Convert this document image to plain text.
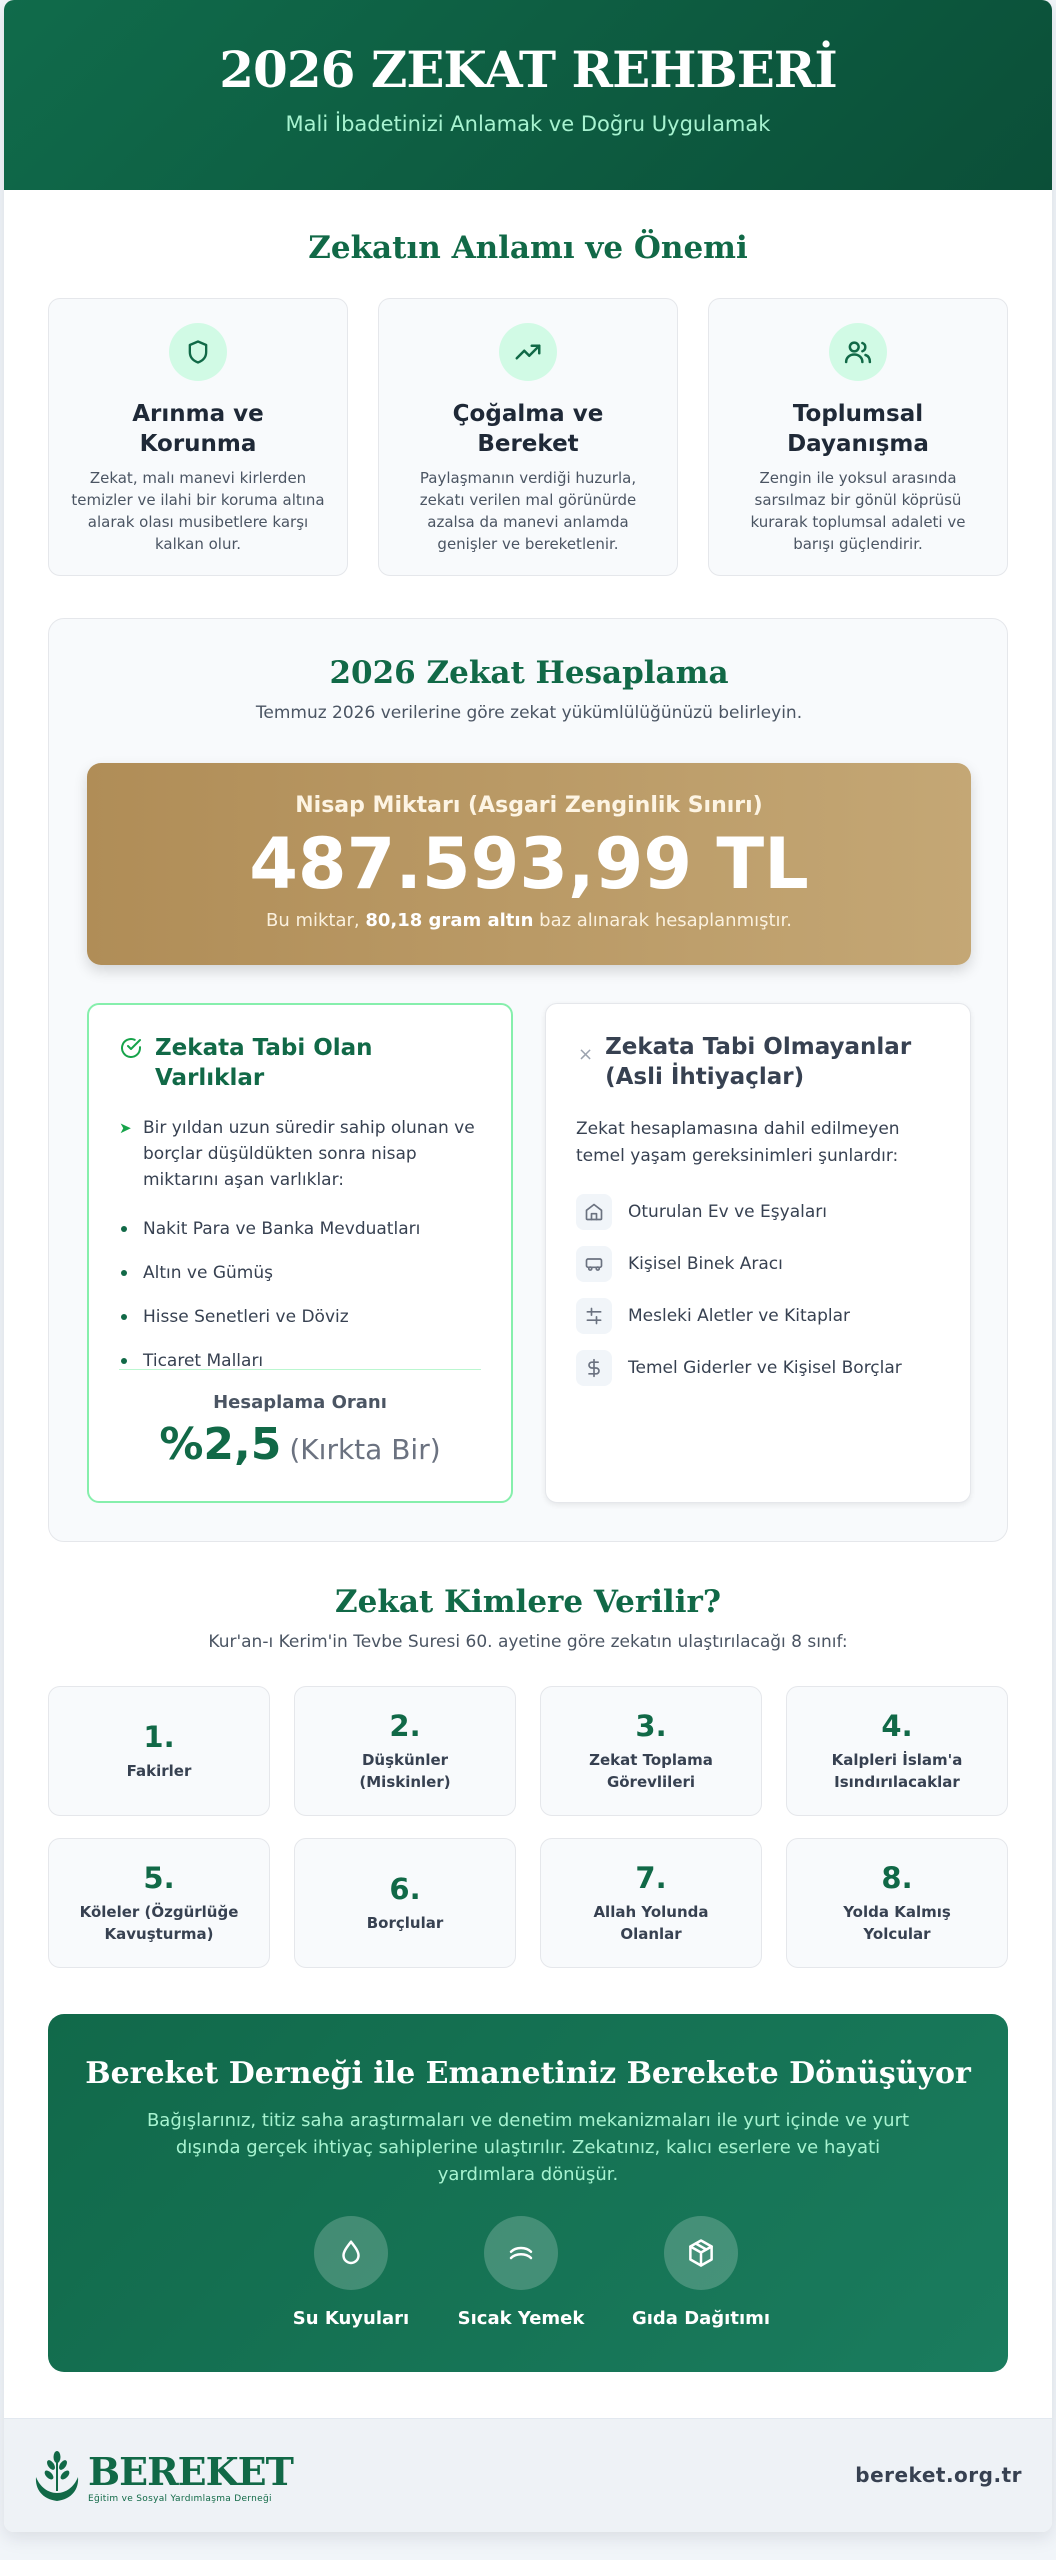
2026 ZEKAT REHBERİ
Mali İbadetinizi Anlamak ve Doğru Uygulamak
Zekatın Anlamı ve Önemi
Arınma ve Korunma
Zekat, malı manevi kirlerden temizler ve ilahi bir koruma altına alarak olası musibetlere karşı kalkan olur.
Çoğalma ve Bereket
Paylaşmanın verdiği huzurla, zekatı verilen mal görünürde azalsa da manevi anlamda genişler ve bereketlenir.
Toplumsal Dayanışma
Zengin ile yoksul arasında sarsılmaz bir gönül köprüsü kurarak toplumsal adaleti ve barışı güçlendirir.
2026 Zekat Hesaplama
Temmuz 2026 verilerine göre zekat yükümlülüğünüzü belirleyin.
Nisap Miktarı (Asgari Zenginlik Sınırı)
487.593,99 TL
Bu miktar, 80,18 gram altın baz alınarak hesaplanmıştır.
Zekata Tabi Olan Varlıklar
➤ Bir yıldan uzun süredir sahip olunan ve borçlar düşüldükten sonra nisap miktarını aşan varlıklar:
Nakit Para ve Banka Mevduatları
Altın ve Gümüş
Hisse Senetleri ve Döviz
Ticaret Malları
Hesaplama Oranı
%2,5 (Kırkta Bir)
× Zekata Tabi Olmayanlar (Asli İhtiyaçlar)
Zekat hesaplamasına dahil edilmeyen temel yaşam gereksinimleri şunlardır:
Oturulan Ev ve Eşyaları
Kişisel Binek Aracı
Mesleki Aletler ve Kitaplar
Temel Giderler ve Kişisel Borçlar
Zekat Kimlere Verilir?
Kur'an-ı Kerim'in Tevbe Suresi 60. ayetine göre zekatın ulaştırılacağı 8 sınıf:
1.
Fakirler
2.
Düşkünler (Miskinler)
3.
Zekat Toplama Görevlileri
4.
Kalpleri İslam'a Isındırılacaklar
5.
Köleler (Özgürlüğe Kavuşturma)
6.
Borçlular
7.
Allah Yolunda Olanlar
8.
Yolda Kalmış Yolcular
Bereket Derneği ile Emanetiniz Berekete Dönüşüyor
Bağışlarınız, titiz saha araştırmaları ve denetim mekanizmaları ile yurt içinde ve yurt dışında gerçek ihtiyaç sahiplerine ulaştırılır. Zekatınız, kalıcı eserlere ve hayati yardımlara dönüşür.
Su Kuyuları	Sıcak Yemek	Gıda Dağıtımı
BEREKET
Eğitim ve Sosyal Yardımlaşma Derneği
bereket.org.tr
